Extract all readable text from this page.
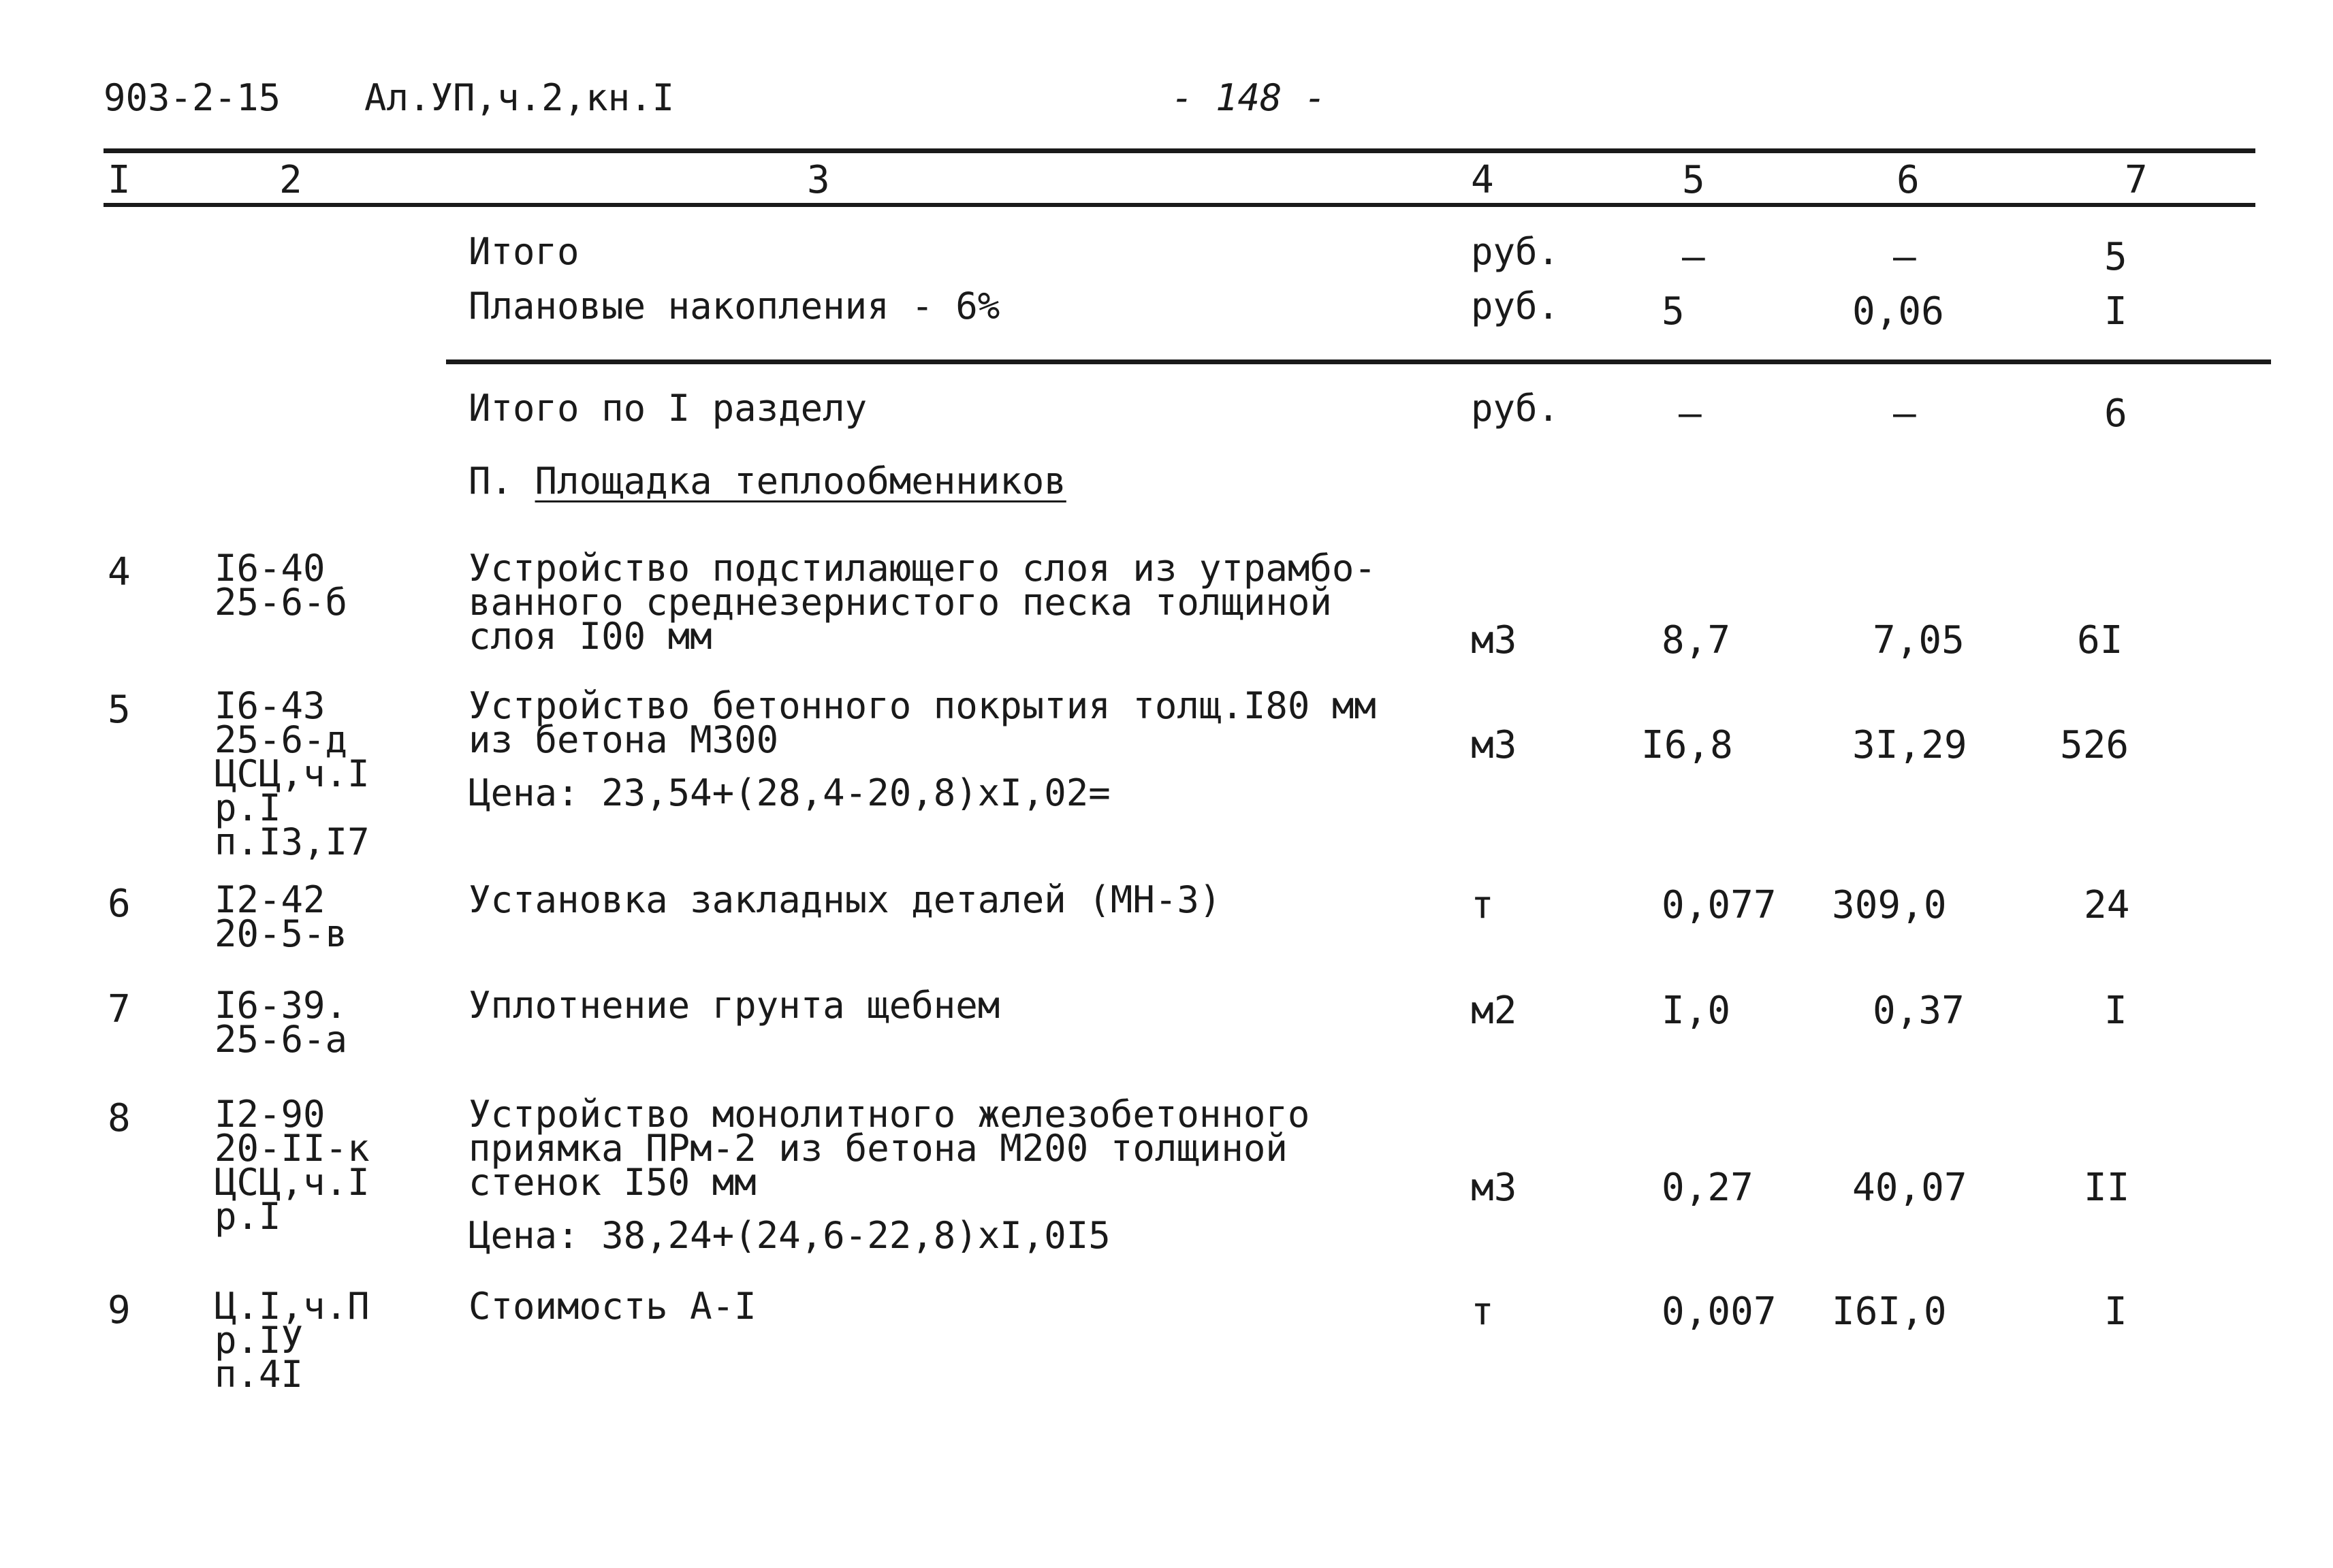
903-2-15 Ал.УП,ч.2,кн.I	- 148 -
I	2	3	4	5	6	7
Итого	руб.	–	–	5
Плановые накопления - 6%	руб.	5	0,06	I
Итого по I разделу	руб.	–	–	6
П. Площадка теплообменников
4 I6-40
25-6-б
Устройство подстилающего слоя из утрамбо-
ванного среднезернистого песка толщиной
слоя I00 мм	м3	8,7	7,05	6I
5 I6-43
25-6-д
ЦСЦ,ч.I
р.I
п.I3,I7
Устройство бетонного покрытия толщ.I80 мм
из бетона М300
Цена: 23,54+(28,4-20,8)xI,02=
м3	I6,8	3I,29 526
6 I2-42
20-5-в
Установка закладных деталей (МН-3)	т	0,077 309,0	24
7 I6-39.
25-6-а
Уплотнение грунта щебнем	м2	I,0	0,37	I
8 I2-90
20-II-к
ЦСЦ,ч.I
р.I
Устройство монолитного железобетонного
приямка ПРм-2 из бетона М200 толщиной
стенок I50 мм
Цена: 38,24+(24,6-22,8)xI,0I5
м3	0,27	40,07	II
9 Ц.I,ч.П
р.IУ
п.4I
Стоимость А-I	т	0,007 I6I,0	I
